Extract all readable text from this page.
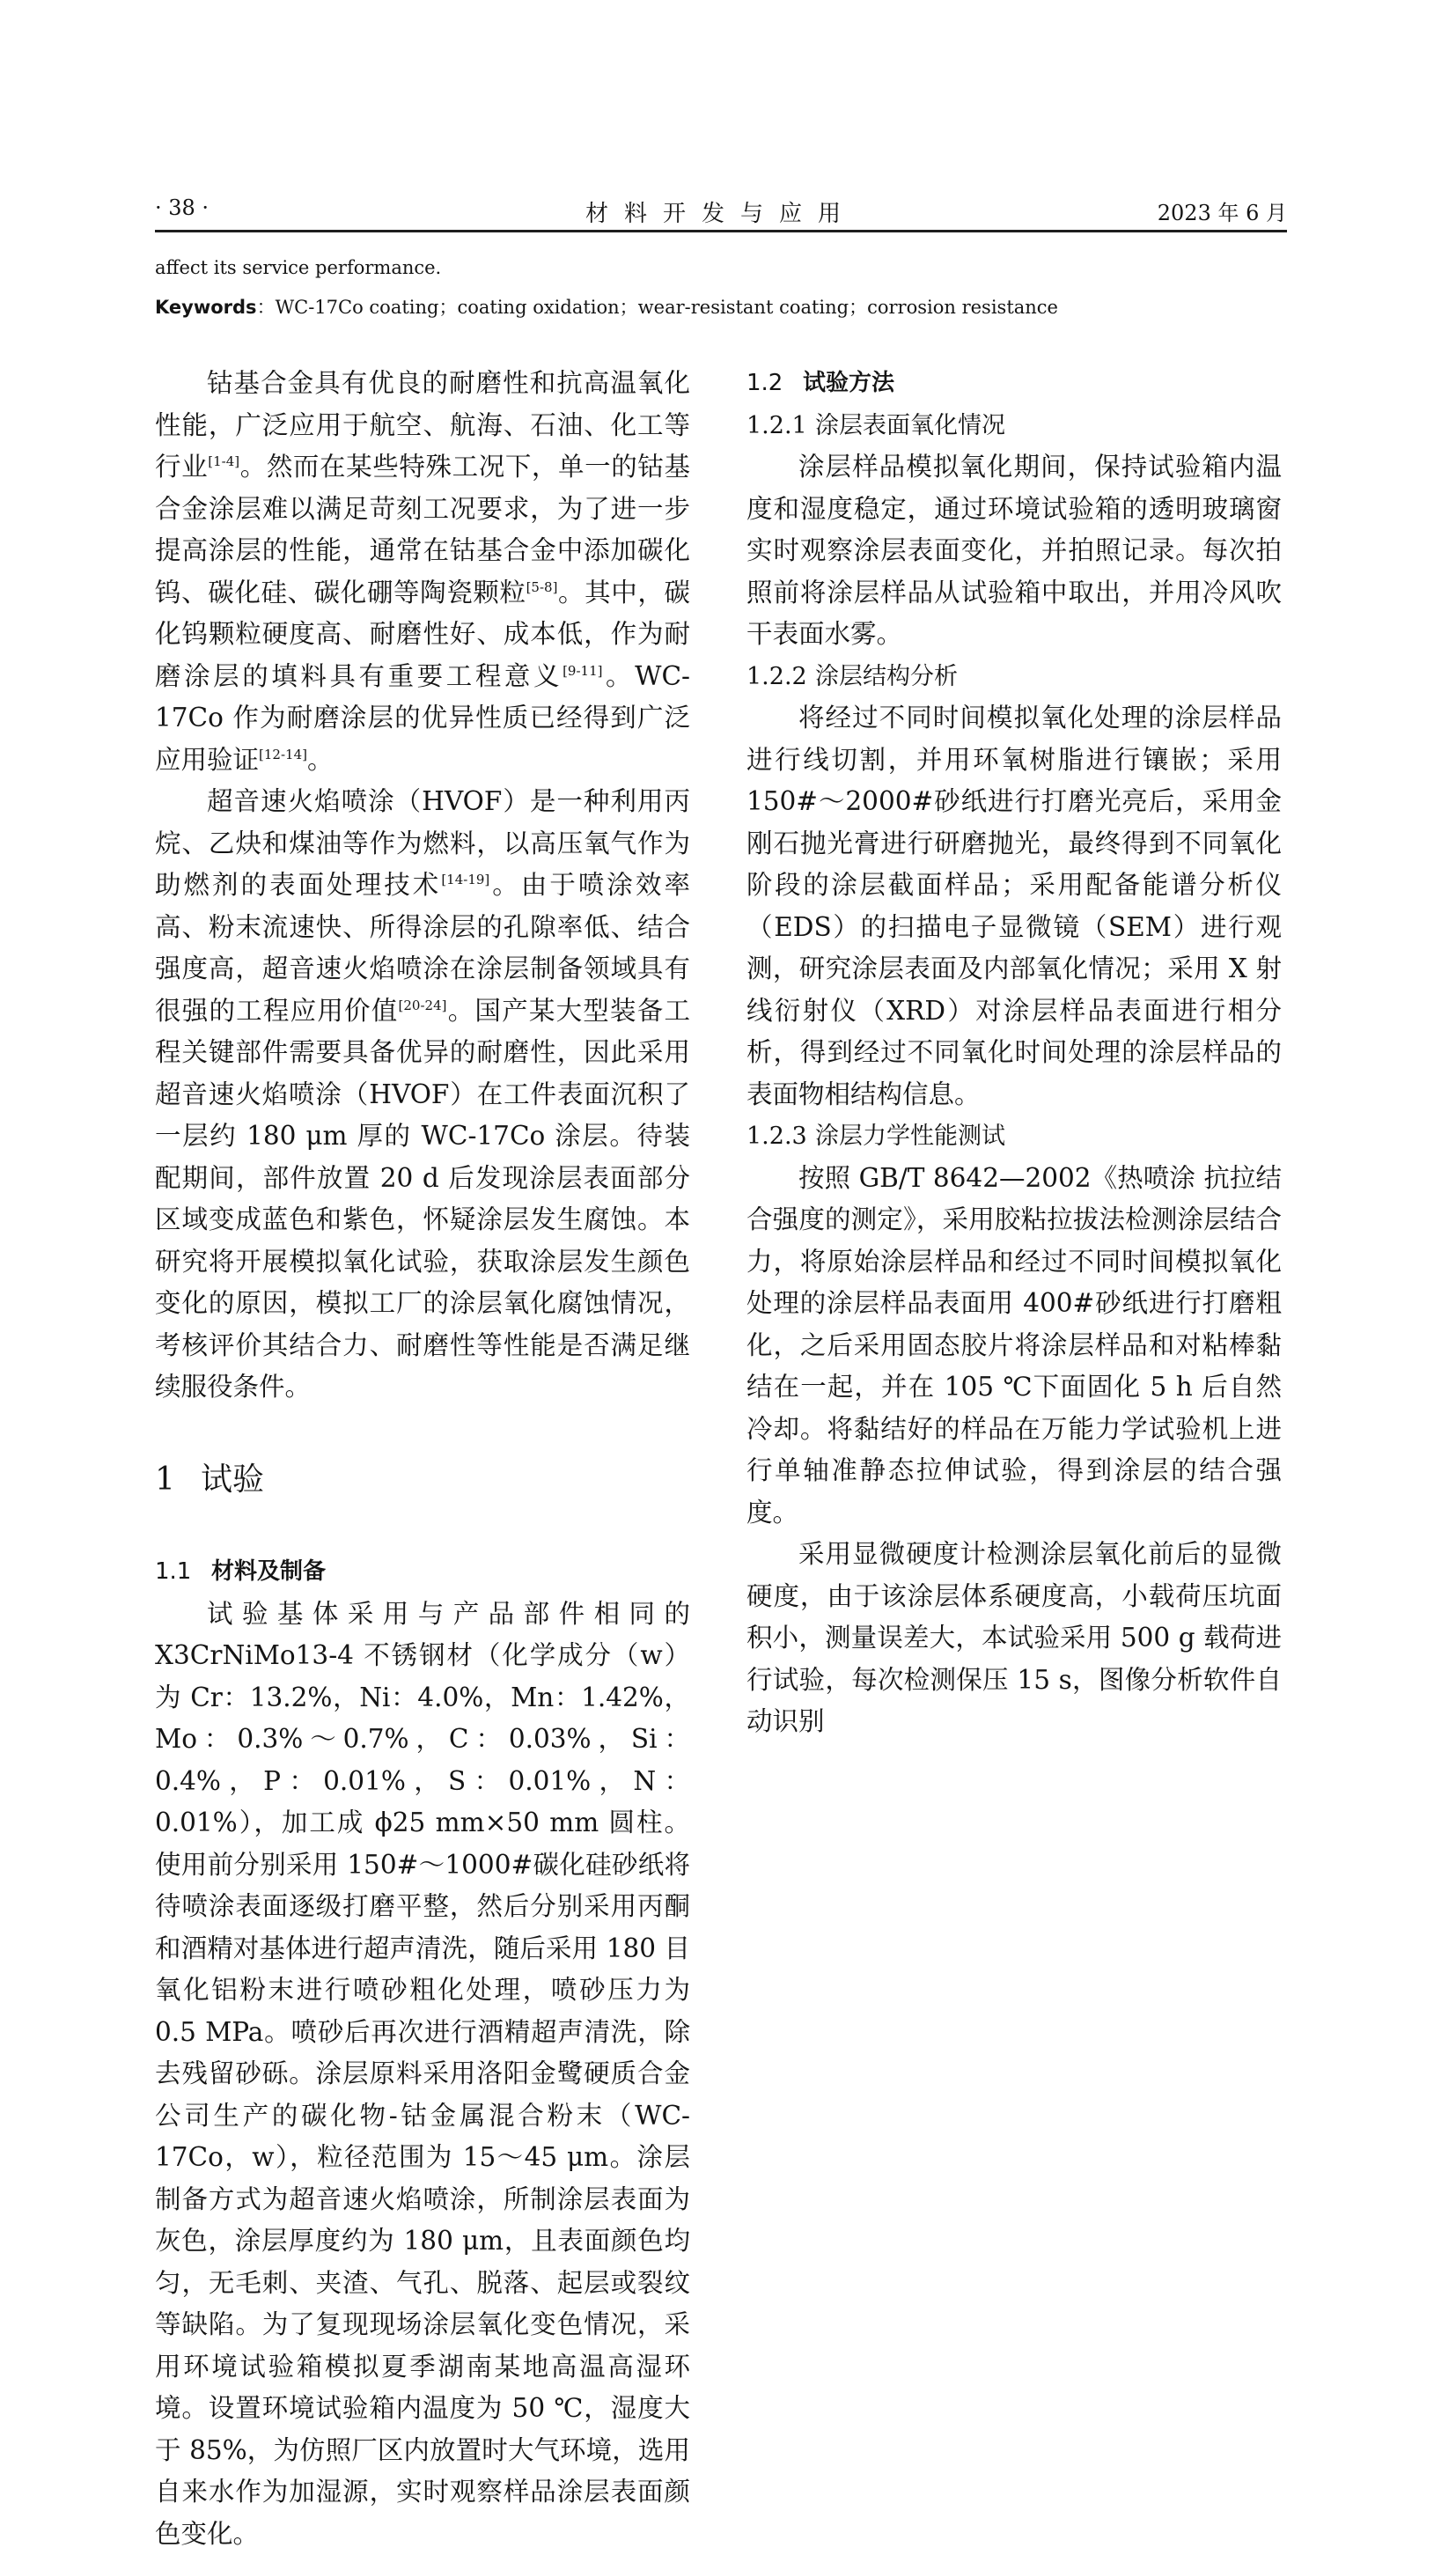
· 38 ·	材料开发与应用	2023 年 6 月
affect its service performance.
Keywords：WC-17Co coating；coating oxidation；wear-resistant coating；corrosion resistance

钴基合金具有优良的耐磨性和抗高温氧化性能，广泛应用于航空、航海、石油、化工等行业[1-4]。然而在某些特殊工况下，单一的钴基合金涂层难以满足苛刻工况要求，为了进一步提高涂层的性能，通常在钴基合金中添加碳化钨、碳化硅、碳化硼等陶瓷颗粒[5-8]。其中，碳化钨颗粒硬度高、耐磨性好、成本低，作为耐磨涂层的填料具有重要工程意义[9-11]。WC-17Co 作为耐磨涂层的优异性质已经得到广泛应用验证[12-14]。

超音速火焰喷涂（HVOF）是一种利用丙烷、乙炔和煤油等作为燃料，以高压氧气作为助燃剂的表面处理技术[14-19]。由于喷涂效率高、粉末流速快、所得涂层的孔隙率低、结合强度高，超音速火焰喷涂在涂层制备领域具有很强的工程应用价值[20-24]。国产某大型装备工程关键部件需要具备优异的耐磨性，因此采用超音速火焰喷涂（HVOF）在工件表面沉积了一层约 180 μm 厚的 WC-17Co 涂层。待装配期间，部件放置 20 d 后发现涂层表面部分区域变成蓝色和紫色，怀疑涂层发生腐蚀。本研究将开展模拟氧化试验，获取涂层发生颜色变化的原因，模拟工厂的涂层氧化腐蚀情况，考核评价其结合力、耐磨性等性能是否满足继续服役条件。

1 试验
1.1 材料及制备

试验基体采用与产品部件相同的 X3CrNiMo13-4 不锈钢材（化学成分（w）为 Cr：13.2%，Ni：4.0%，Mn：1.42%，Mo：0.3%～0.7%，C：0.03%，Si：0.4%，P：0.01%，S：0.01%，N：0.01%），加工成 ϕ25 mm×50 mm 圆柱。使用前分别采用 150#～1000#碳化硅砂纸将待喷涂表面逐级打磨平整，然后分别采用丙酮和酒精对基体进行超声清洗，随后采用 180 目氧化铝粉末进行喷砂粗化处理，喷砂压力为 0.5 MPa。喷砂后再次进行酒精超声清洗，除去残留砂砾。涂层原料采用洛阳金鹭硬质合金公司生产的碳化物-钴金属混合粉末（WC-17Co，w），粒径范围为 15～45 μm。涂层制备方式为超音速火焰喷涂，所制涂层表面为灰色，涂层厚度约为 180 μm，且表面颜色均匀，无毛刺、夹渣、气孔、脱落、起层或裂纹等缺陷。为了复现现场涂层氧化变色情况，采用环境试验箱模拟夏季湖南某地高温高湿环境。设置环境试验箱内温度为 50 ℃，湿度大于 85%，为仿照厂区内放置时大气环境，选用自来水作为加湿源，实时观察样品涂层表面颜色变化。

1.2 试验方法
1.2.1 涂层表面氧化情况

涂层样品模拟氧化期间，保持试验箱内温度和湿度稳定，通过环境试验箱的透明玻璃窗实时观察涂层表面变化，并拍照记录。每次拍照前将涂层样品从试验箱中取出，并用冷风吹干表面水雾。

1.2.2 涂层结构分析

将经过不同时间模拟氧化处理的涂层样品进行线切割，并用环氧树脂进行镶嵌；采用 150#～2000#砂纸进行打磨光亮后，采用金刚石抛光膏进行研磨抛光，最终得到不同氧化阶段的涂层截面样品；采用配备能谱分析仪（EDS）的扫描电子显微镜（SEM）进行观测，研究涂层表面及内部氧化情况；采用 X 射线衍射仪（XRD）对涂层样品表面进行相分析，得到经过不同氧化时间处理的涂层样品的表面物相结构信息。

1.2.3 涂层力学性能测试

按照 GB/T 8642—2002《热喷涂 抗拉结合强度的测定》，采用胶粘拉拔法检测涂层结合力，将原始涂层样品和经过不同时间模拟氧化处理的涂层样品表面用 400#砂纸进行打磨粗化，之后采用固态胶片将涂层样品和对粘棒黏结在一起，并在 105 ℃下面固化 5 h 后自然冷却。将黏结好的样品在万能力学试验机上进行单轴准静态拉伸试验，得到涂层的结合强度。

采用显微硬度计检测涂层氧化前后的显微硬度，由于该涂层体系硬度高，小载荷压坑面积小，测量误差大，本试验采用 500 g 载荷进行试验，每次检测保压 15 s，图像分析软件自动识别
